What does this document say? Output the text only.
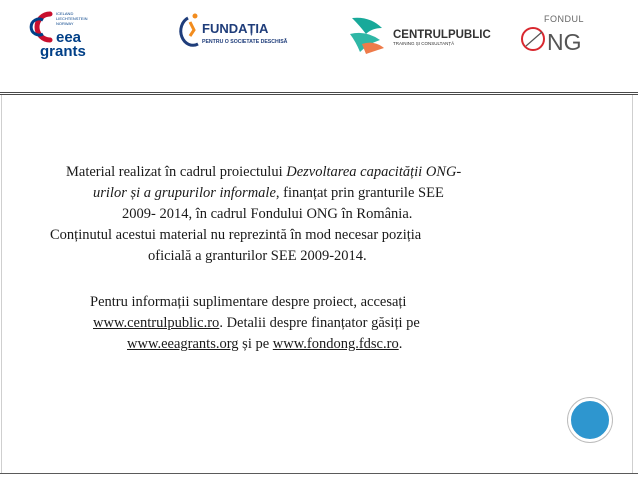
ICELAND
LIECHTENSTEIN
NORWAY
eea
grants
FUNDAȚIA
PENTRU O SOCIETATE DESCHISĂ
CENTRULPUBLIC
TRAINING ȘI CONSULTANȚĂ
FONDUL
NG
Material realizat în cadrul proiectului Dezvoltarea capacității ONG-
urilor și a grupurilor informale, finanțat prin granturile SEE
2009- 2014, în cadrul Fondului ONG în România.
Conținutul acestui material nu reprezintă în mod necesar poziția
oficială a granturilor SEE 2009-2014.
Pentru informații suplimentare despre proiect, accesați
www.centrulpublic.ro. Detalii despre finanțator găsiți pe
www.eeagrants.org și pe www.fondong.fdsc.ro.
